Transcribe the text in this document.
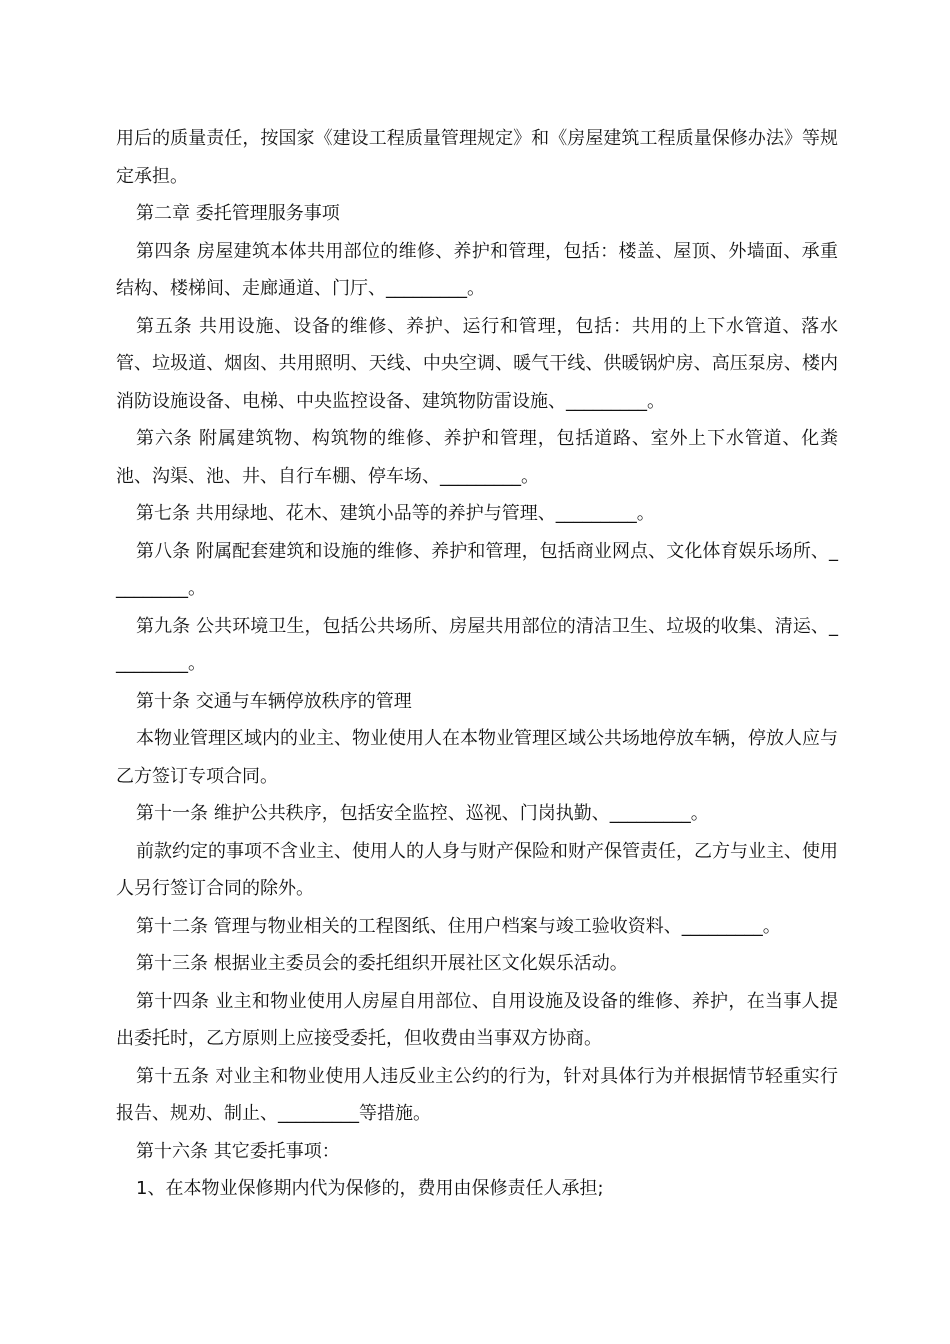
用后的质量责任，按国家《建设工程质量管理规定》和《房屋建筑工程质量保修办法》等规定承担。

第二章 委托管理服务事项

第四条 房屋建筑本体共用部位的维修、养护和管理，包括：楼盖、屋顶、外墙面、承重结构、楼梯间、走廊通道、门厅、_________。

第五条 共用设施、设备的维修、养护、运行和管理，包括：共用的上下水管道、落水管、垃圾道、烟囱、共用照明、天线、中央空调、暖气干线、供暖锅炉房、高压泵房、楼内消防设施设备、电梯、中央监控设备、建筑物防雷设施、_________。

第六条 附属建筑物、构筑物的维修、养护和管理，包括道路、室外上下水管道、化粪池、沟渠、池、井、自行车棚、停车场、_________。

第七条 共用绿地、花木、建筑小品等的养护与管理、_________。

第八条 附属配套建筑和设施的维修、养护和管理，包括商业网点、文化体育娱乐场所、_________。

第九条 公共环境卫生，包括公共场所、房屋共用部位的清洁卫生、垃圾的收集、清运、_________。

第十条 交通与车辆停放秩序的管理

本物业管理区域内的业主、物业使用人在本物业管理区域公共场地停放车辆，停放人应与乙方签订专项合同。

第十一条 维护公共秩序，包括安全监控、巡视、门岗执勤、_________。

前款约定的事项不含业主、使用人的人身与财产保险和财产保管责任，乙方与业主、使用人另行签订合同的除外。

第十二条 管理与物业相关的工程图纸、住用户档案与竣工验收资料、_________。

第十三条 根据业主委员会的委托组织开展社区文化娱乐活动。

第十四条 业主和物业使用人房屋自用部位、自用设施及设备的维修、养护，在当事人提出委托时，乙方原则上应接受委托，但收费由当事双方协商。

第十五条 对业主和物业使用人违反业主公约的行为，针对具体行为并根据情节轻重实行报告、规劝、制止、_________等措施。

第十六条 其它委托事项：

1、在本物业保修期内代为保修的，费用由保修责任人承担;
